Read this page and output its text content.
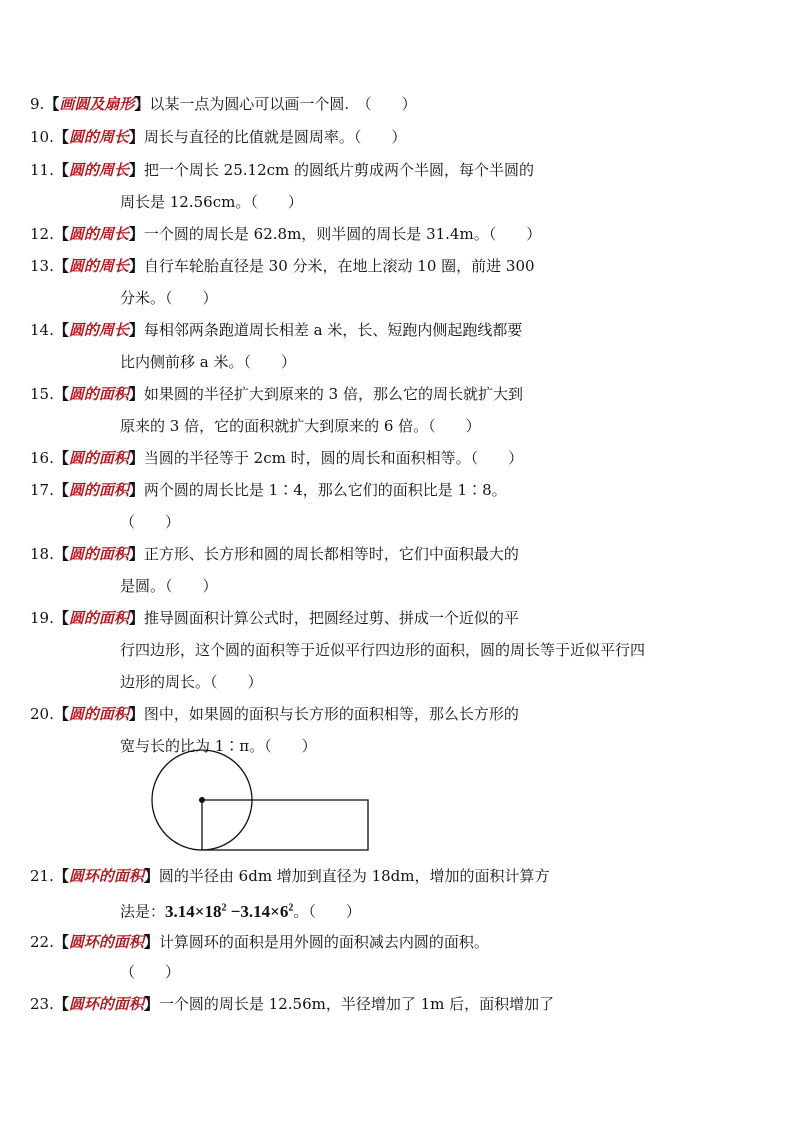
9.【画圆及扇形】以某一点为圆心可以画一个圆.　（　　）
10.【圆的周长】周长与直径的比值就是圆周率。（　　）
11.【圆的周长】把一个周长 25.12cm 的圆纸片剪成两个半圆，每个半圆的
周长是 12.56cm。（　　）
12.【圆的周长】一个圆的周长是 62.8m，则半圆的周长是 31.4m。（　　）
13.【圆的周长】自行车轮胎直径是 30 分米，在地上滚动 10 圈，前进 300
分米。（　　）
14.【圆的周长】每相邻两条跑道周长相差 a 米，长、短跑内侧起跑线都要
比内侧前移 a 米。（　　）
15.【圆的面积】如果圆的半径扩大到原来的 3 倍，那么它的周长就扩大到
原来的 3 倍，它的面积就扩大到原来的 6 倍。（　　）
16.【圆的面积】当圆的半径等于 2cm 时，圆的周长和面积相等。（　　）
17.【圆的面积】两个圆的周长比是 1∶4，那么它们的面积比是 1∶8。
（　　）
18.【圆的面积】正方形、长方形和圆的周长都相等时，它们中面积最大的
是圆。（　　）
19.【圆的面积】推导圆面积计算公式时，把圆经过剪、拼成一个近似的平
行四边形，这个圆的面积等于近似平行四边形的面积，圆的周长等于近似平行四
边形的周长。（　　）
20.【圆的面积】图中，如果圆的面积与长方形的面积相等，那么长方形的
宽与长的比为 1∶π。（　　）
21.【圆环的面积】圆的半径由 6dm 增加到直径为 18dm，增加的面积计算方
法是：$3.14\times 18^2 -3.14\times 6^2$。（　　）
22.【圆环的面积】计算圆环的面积是用外圆的面积减去内圆的面积。
（　　）
23.【圆环的面积】一个圆的周长是 12.56m，半径增加了 1m 后，面积增加了
